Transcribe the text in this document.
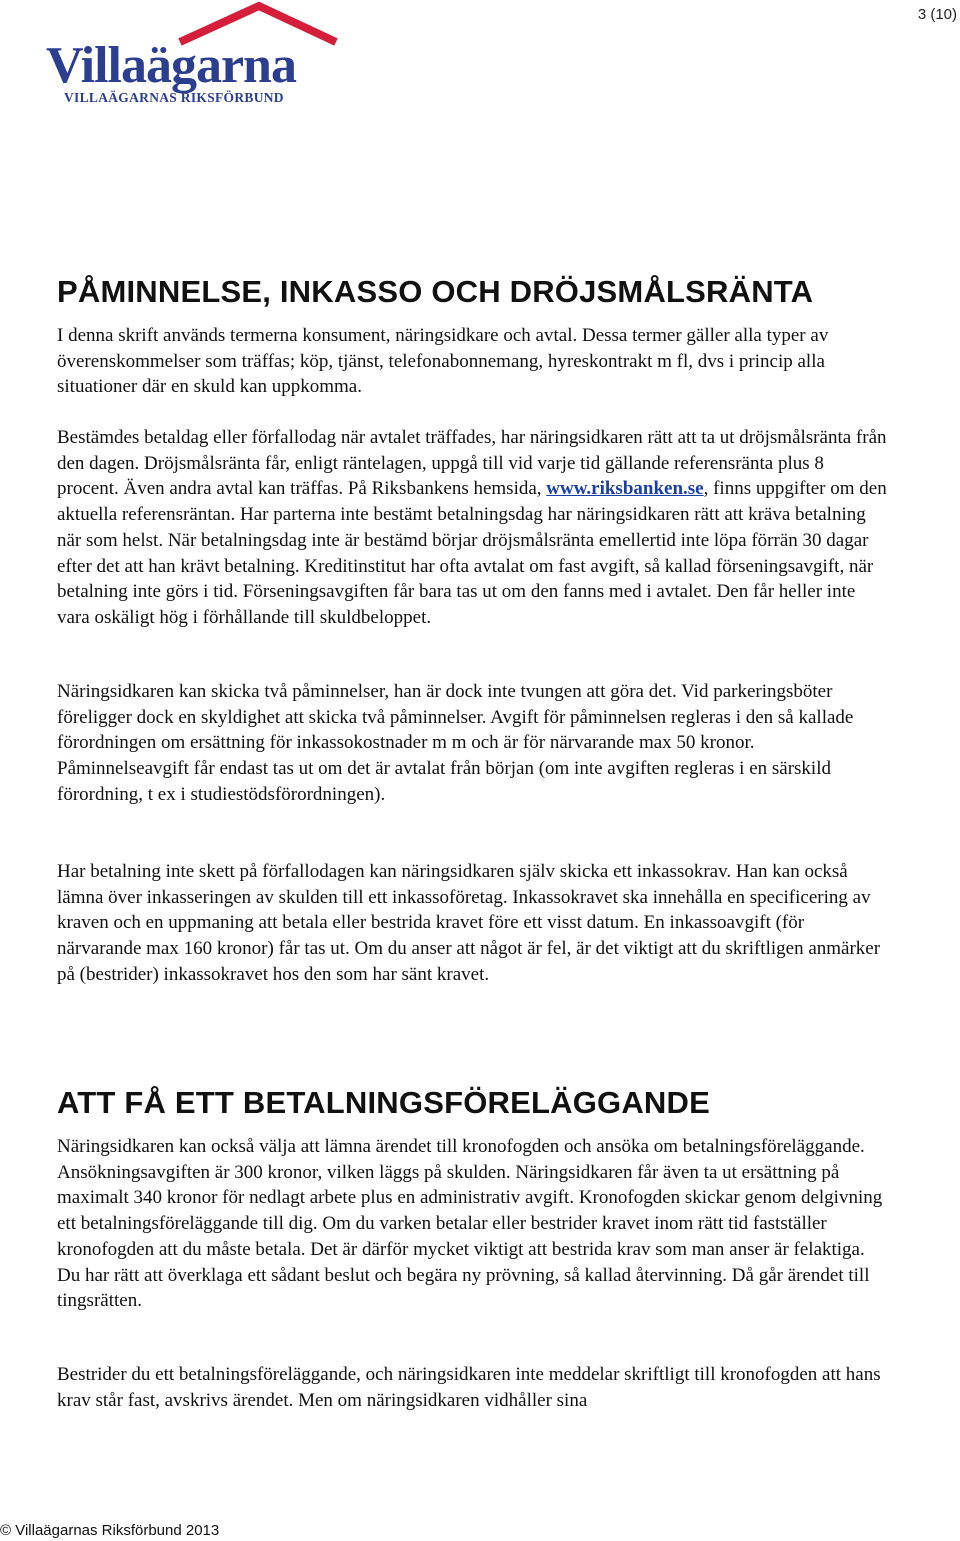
3 (10)
Villaägarna
VILLAÄGARNAS RIKSFÖRBUND
PÅMINNELSE, INKASSO OCH DRÖJSMÅLSRÄNTA

I denna skrift används termerna konsument, näringsidkare och avtal. Dessa termer gäller alla typer av överenskommelser som träffas; köp, tjänst, telefonabonnemang, hyreskontrakt m fl, dvs i princip alla situationer där en skuld kan uppkomma.

Bestämdes betaldag eller förfallodag när avtalet träffades, har näringsidkaren rätt att ta ut dröjsmålsränta från den dagen. Dröjsmålsränta får, enligt räntelagen, uppgå till vid varje tid gällande referensränta plus 8 procent. Även andra avtal kan träffas. På Riksbankens hemsida, www.riksbanken.se, finns uppgifter om den aktuella referensräntan. Har parterna inte bestämt betalningsdag har näringsidkaren rätt att kräva betalning när som helst. När betalningsdag inte är bestämd börjar dröjsmålsränta emellertid inte löpa förrän 30 dagar efter det att han krävt betalning. Kreditinstitut har ofta avtalat om fast avgift, så kallad förseningsavgift, när betalning inte görs i tid. Förseningsavgiften får bara tas ut om den fanns med i avtalet. Den får heller inte vara oskäligt hög i förhållande till skuldbeloppet.

Näringsidkaren kan skicka två påminnelser, han är dock inte tvungen att göra det. Vid parkeringsböter föreligger dock en skyldighet att skicka två påminnelser. Avgift för påminnelsen regleras i den så kallade förordningen om ersättning för inkassokostnader m m och är för närvarande max 50 kronor. Påminnelseavgift får endast tas ut om det är avtalat från början (om inte avgiften regleras i en särskild förordning, t ex i studiestödsförordningen).

Har betalning inte skett på förfallodagen kan näringsidkaren själv skicka ett inkassokrav. Han kan också lämna över inkasseringen av skulden till ett inkassoföretag. Inkassokravet ska innehålla en specificering av kraven och en uppmaning att betala eller bestrida kravet före ett visst datum. En inkassoavgift (för närvarande max 160 kronor) får tas ut. Om du anser att något är fel, är det viktigt att du skriftligen anmärker på (bestrider) inkassokravet hos den som har sänt kravet.

ATT FÅ ETT BETALNINGSFÖRELÄGGANDE

Näringsidkaren kan också välja att lämna ärendet till kronofogden och ansöka om betalningsföreläggande. Ansökningsavgiften är 300 kronor, vilken läggs på skulden. Näringsidkaren får även ta ut ersättning på maximalt 340 kronor för nedlagt arbete plus en administrativ avgift. Kronofogden skickar genom delgivning ett betalningsföreläggande till dig. Om du varken betalar eller bestrider kravet inom rätt tid fastställer kronofogden att du måste betala. Det är därför mycket viktigt att bestrida krav som man anser är felaktiga. Du har rätt att överklaga ett sådant beslut och begära ny prövning, så kallad återvinning. Då går ärendet till tingsrätten.

Bestrider du ett betalningsföreläggande, och näringsidkaren inte meddelar skriftligt till kronofogden att hans krav står fast, avskrivs ärendet. Men om näringsidkaren vidhåller sina

© Villaägarnas Riksförbund 2013
